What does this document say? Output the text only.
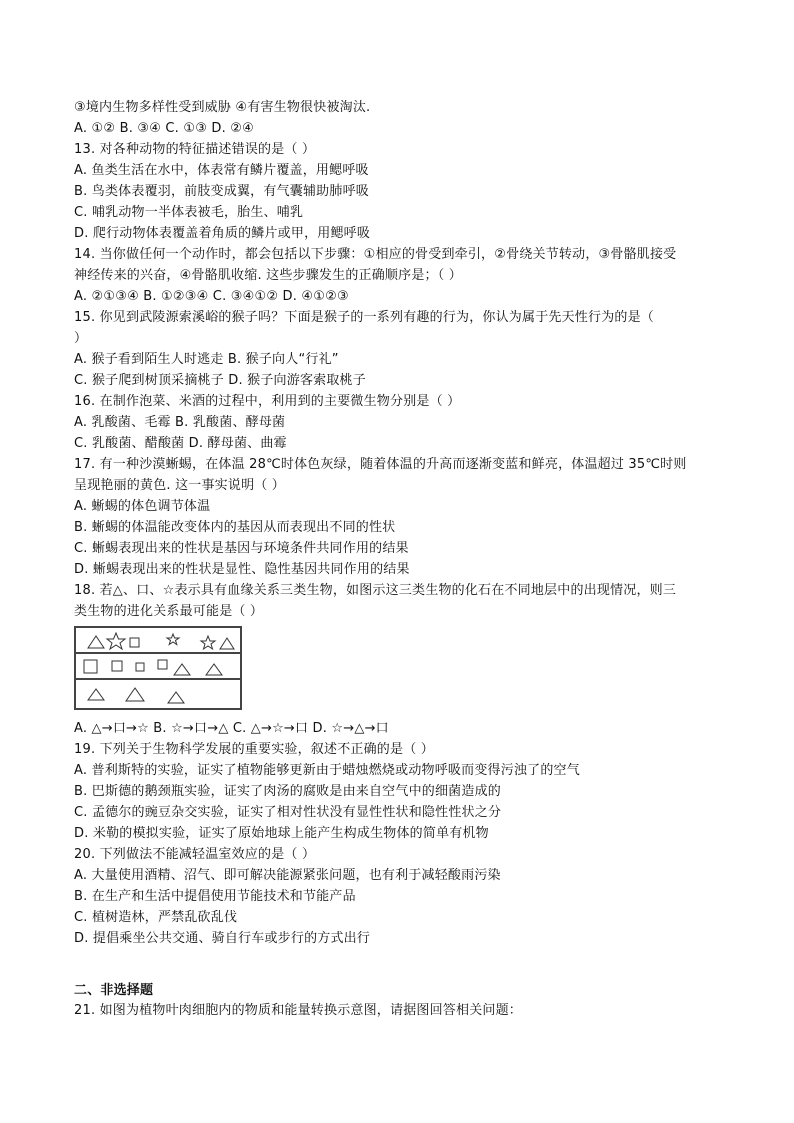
③境内生物多样性受到威胁 ④有害生物很快被淘汰.
A. ①② B. ③④ C. ①③ D. ②④
13. 对各种动物的特征描述错误的是（ ）
A. 鱼类生活在水中，体表常有鳞片覆盖，用鳃呼吸
B. 鸟类体表覆羽，前肢变成翼，有气囊辅助肺呼吸
C. 哺乳动物一半体表被毛，胎生、哺乳
D. 爬行动物体表覆盖着角质的鳞片或甲，用鳃呼吸
14. 当你做任何一个动作时，都会包括以下步骤：①相应的骨受到牵引，②骨绕关节转动，③骨骼肌接受
神经传来的兴奋，④骨骼肌收缩. 这些步骤发生的正确顺序是；（ ）
A. ②①③④ B. ①②③④ C. ③④①② D. ④①②③
15. 你见到武陵源索溪峪的猴子吗？下面是猴子的一系列有趣的行为，你认为属于先天性行为的是（
）
A. 猴子看到陌生人时逃走 B. 猴子向人“行礼”
C. 猴子爬到树顶采摘桃子 D. 猴子向游客索取桃子
16. 在制作泡菜、米酒的过程中，利用到的主要微生物分别是（ ）
A. 乳酸菌、毛霉 B. 乳酸菌、酵母菌
C. 乳酸菌、醋酸菌 D. 酵母菌、曲霉
17. 有一种沙漠蜥蜴，在体温 28℃时体色灰绿，随着体温的升高而逐渐变蓝和鲜亮，体温超过 35℃时则
呈现艳丽的黄色. 这一事实说明（ ）
A. 蜥蜴的体色调节体温
B. 蜥蜴的体温能改变体内的基因从而表现出不同的性状
C. 蜥蜴表现出来的性状是基因与环境条件共同作用的结果
D. 蜥蜴表现出来的性状是显性、隐性基因共同作用的结果
18. 若△、口、☆表示具有血缘关系三类生物，如图示这三类生物的化石在不同地层中的出现情况，则三
类生物的进化关系最可能是（ ）
A. △→口→☆ B. ☆→口→△ C. △→☆→口 D. ☆→△→口
19. 下列关于生物科学发展的重要实验，叙述不正确的是（ ）
A. 普利斯特的实验，证实了植物能够更新由于蜡烛燃烧或动物呼吸而变得污浊了的空气
B. 巴斯德的鹅颈瓶实验，证实了肉汤的腐败是由来自空气中的细菌造成的
C. 孟德尔的豌豆杂交实验，证实了相对性状没有显性性状和隐性性状之分
D. 米勒的模拟实验，证实了原始地球上能产生构成生物体的简单有机物
20. 下列做法不能减轻温室效应的是（ ）
A. 大量使用酒精、沼气、即可解决能源紧张问题，也有利于减轻酸雨污染
B. 在生产和生活中提倡使用节能技术和节能产品
C. 植树造林，严禁乱砍乱伐
D. 提倡乘坐公共交通、骑自行车或步行的方式出行
二、非选择题
21. 如图为植物叶肉细胞内的物质和能量转换示意图，请据图回答相关问题：
